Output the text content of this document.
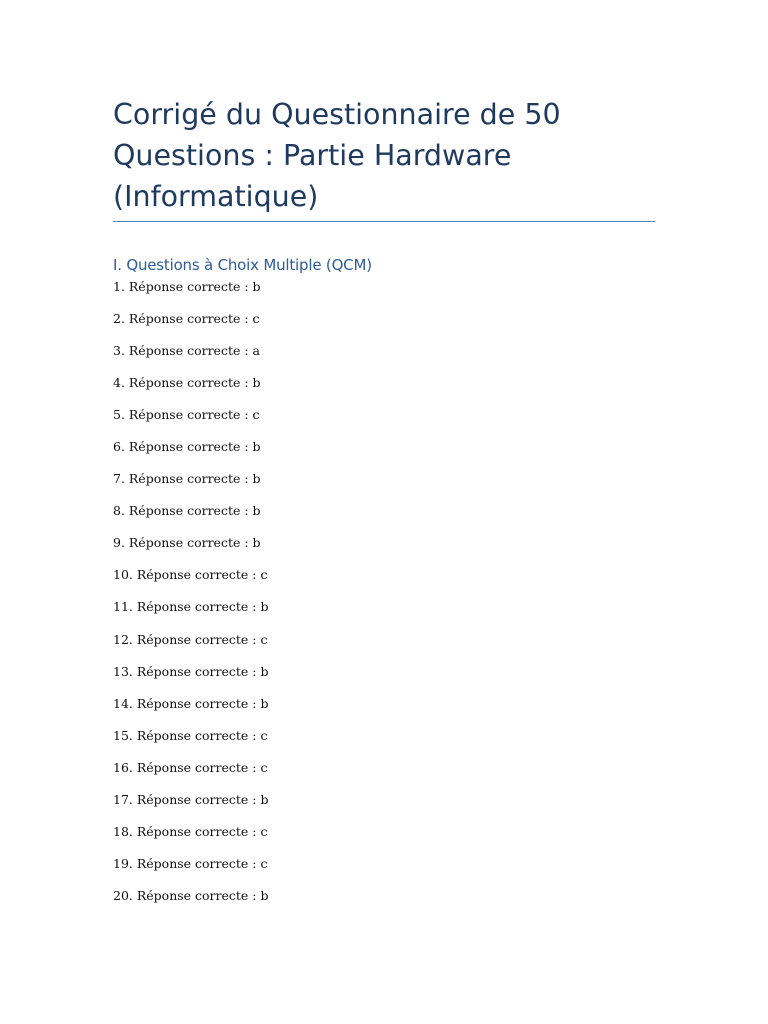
Corrigé du Questionnaire de 50 Questions : Partie Hardware (Informatique)
I. Questions à Choix Multiple (QCM)
1. Réponse correcte : b
2. Réponse correcte : c
3. Réponse correcte : a
4. Réponse correcte : b
5. Réponse correcte : c
6. Réponse correcte : b
7. Réponse correcte : b
8. Réponse correcte : b
9. Réponse correcte : b
10. Réponse correcte : c
11. Réponse correcte : b
12. Réponse correcte : c
13. Réponse correcte : b
14. Réponse correcte : b
15. Réponse correcte : c
16. Réponse correcte : c
17. Réponse correcte : b
18. Réponse correcte : c
19. Réponse correcte : c
20. Réponse correcte : b
